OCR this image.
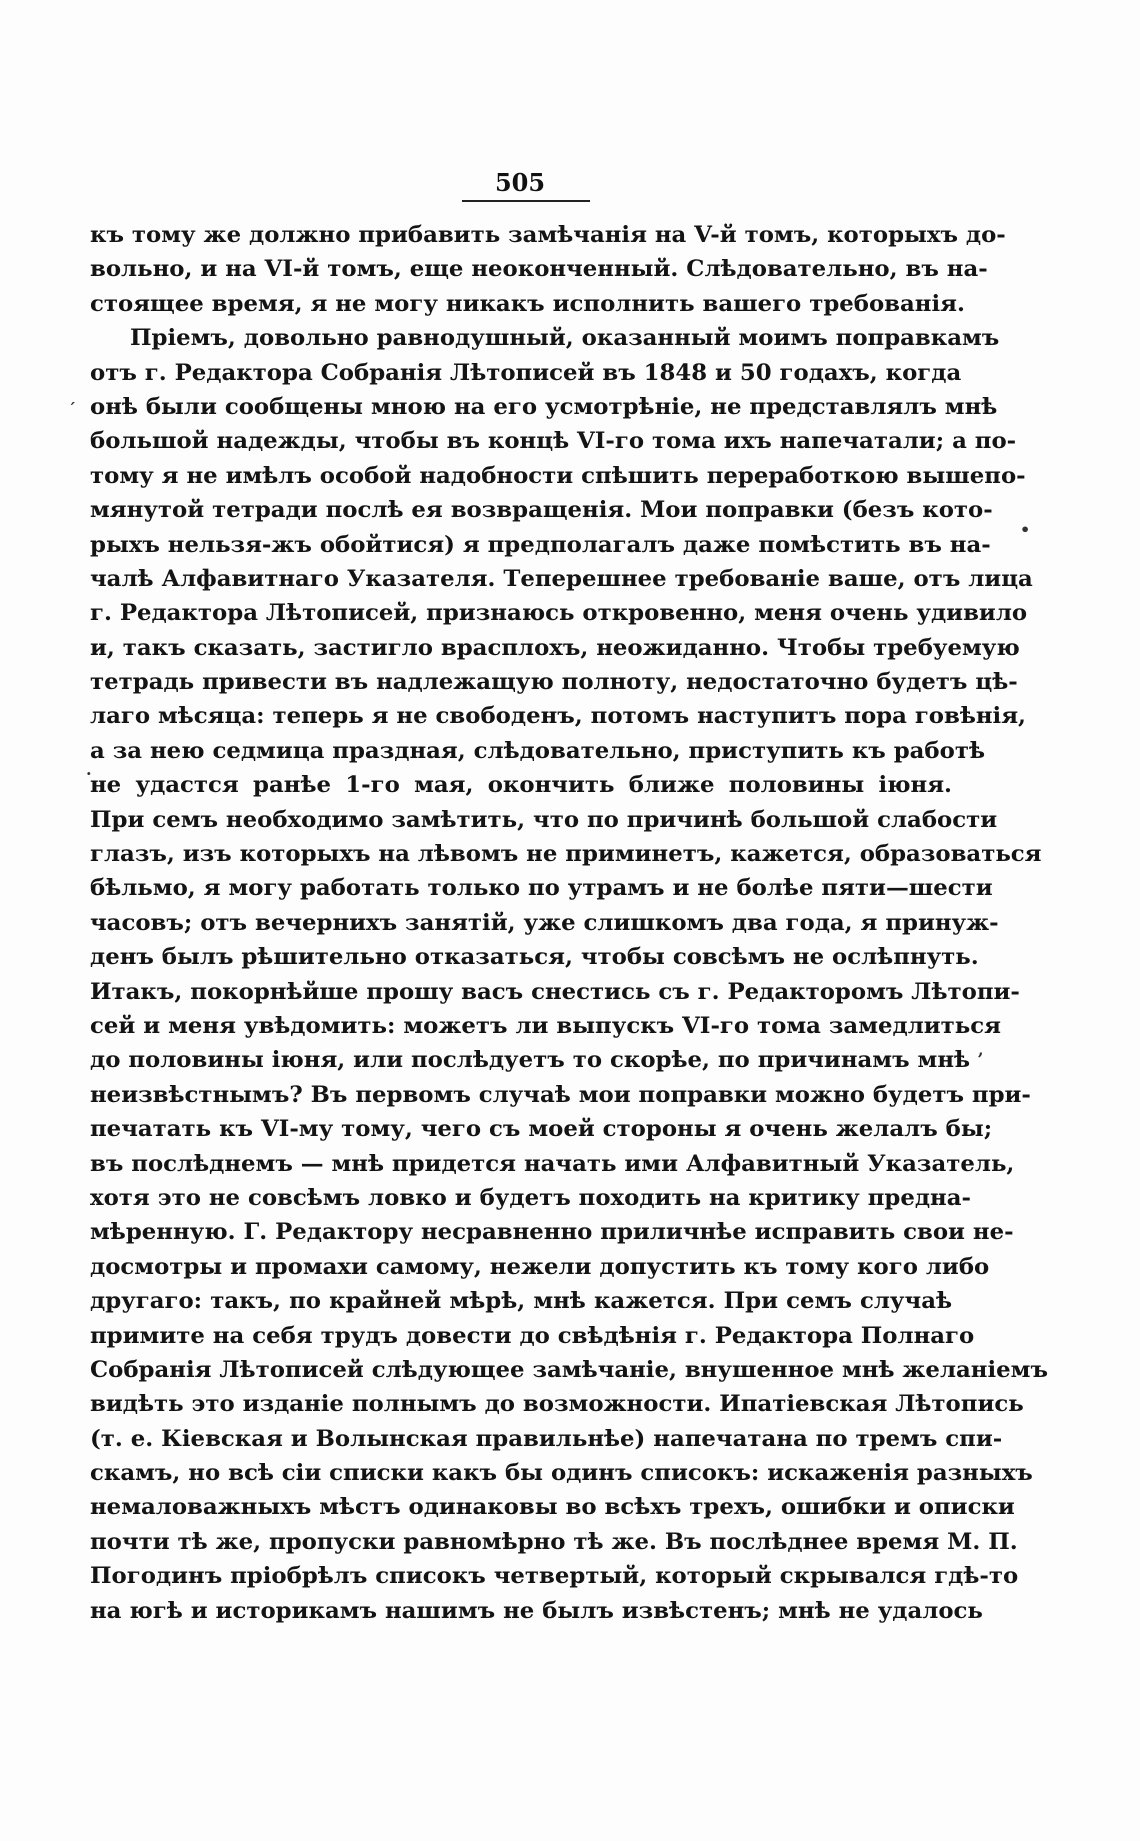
505
къ тому же должно прибавить замѣчанія на V-й томъ, которыхъ до-
вольно, и на VI-й томъ, еще неоконченный. Слѣдовательно, въ на-
стоящее время, я не могу никакъ исполнить вашего требованія.
Пріемъ, довольно равнодушный, оказанный моимъ поправкамъ
отъ г. Редактора Собранія Лѣтописей въ 1848 и 50 годахъ, когда
онѣ были сообщены мною на его усмотрѣніе, не представлялъ мнѣ
большой надежды, чтобы въ концѣ VI-го тома ихъ напечатали; а по-
тому я не имѣлъ особой надобности спѣшить переработкою вышепо-
мянутой тетради послѣ ея возвращенія. Мои поправки (безъ кото-
рыхъ нельзя-жъ обойтися) я предполагалъ даже помѣстить въ на-
чалѣ Алфавитнаго Указателя. Теперешнее требованіе ваше, отъ лица
г. Редактора Лѣтописей, признаюсь откровенно, меня очень удивило
и, такъ сказать, застигло врасплохъ, неожиданно. Чтобы требуемую
тетрадь привести въ надлежащую полноту, недостаточно будетъ цѣ-
лаго мѣсяца: теперь я не свободенъ, потомъ наступитъ пора говѣнія,
а за нею седмица праздная, слѣдовательно, приступить къ работѣ
не удастся ранѣе 1-го мая, окончить ближе половины іюня.
При семъ необходимо замѣтить, что по причинѣ большой слабости
глазъ, изъ которыхъ на лѣвомъ не приминетъ, кажется, образоваться
бѣльмо, я могу работать только по утрамъ и не болѣе пяти—шести
часовъ; отъ вечернихъ занятій, уже слишкомъ два года, я принуж-
денъ былъ рѣшительно отказаться, чтобы совсѣмъ не ослѣпнуть.
Итакъ, покорнѣйше прошу васъ снестись съ г. Редакторомъ Лѣтопи-
сей и меня увѣдомить: можетъ ли выпускъ VI-го тома замедлиться
до половины іюня, или послѣдуетъ то скорѣе, по причинамъ мнѣ
неизвѣстнымъ? Въ первомъ случаѣ мои поправки можно будетъ при-
печатать къ VI-му тому, чего съ моей стороны я очень желалъ бы;
въ послѣднемъ — мнѣ придется начать ими Алфавитный Указатель,
хотя это не совсѣмъ ловко и будетъ походить на критику предна-
мѣренную. Г. Редактору несравненно приличнѣе исправить свои не-
досмотры и промахи самому, нежели допустить къ тому кого либо
другаго: такъ, по крайней мѣрѣ, мнѣ кажется. При семъ случаѣ
примите на себя трудъ довести до свѣдѣнія г. Редактора Полнаго
Собранія Лѣтописей слѣдующее замѣчаніе, внушенное мнѣ желаніемъ
видѣть это изданіе полнымъ до возможности. Ипатіевская Лѣтопись
(т. е. Кіевская и Волынская правильнѣе) напечатана по тремъ спи-
скамъ, но всѣ сіи списки какъ бы одинъ списокъ: искаженія разныхъ
немаловажныхъ мѣстъ одинаковы во всѣхъ трехъ, ошибки и описки
почти тѣ же, пропуски равномѣрно тѣ же. Въ послѣднее время М. П.
Погодинъ пріобрѣлъ списокъ четвертый, который скрывался гдѣ-то
на югѣ и историкамъ нашимъ не былъ извѣстенъ; мнѣ не удалось
´
•
.
,
